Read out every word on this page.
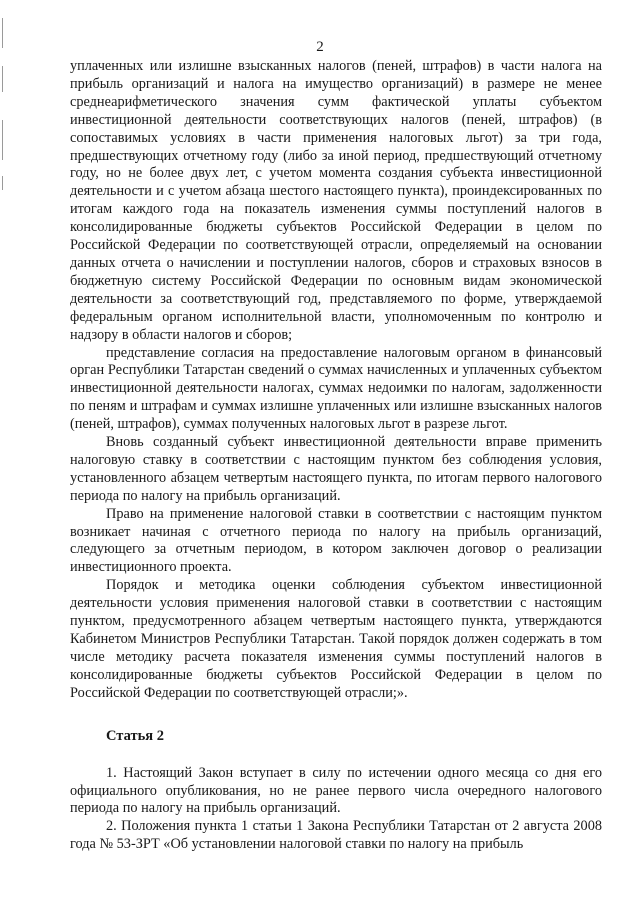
2

уплаченных или излишне взысканных налогов (пеней, штрафов) в части налога на прибыль организаций и налога на имущество организаций) в размере не менее среднеарифметического значения сумм фактической уплаты субъектом инвестиционной деятельности соответствующих налогов (пеней, штрафов) (в сопоставимых условиях в части применения налоговых льгот) за три года, предшествующих отчетному году (либо за иной период, предшествующий отчетному году, но не более двух лет, с учетом момента создания субъекта инвестиционной деятельности и с учетом абзаца шестого настоящего пункта), проиндексированных по итогам каждого года на показатель изменения суммы поступлений налогов в консолидированные бюджеты субъектов Российской Федерации в целом по Российской Федерации по соответствующей отрасли, определяемый на основании данных отчета о начислении и поступлении налогов, сборов и страховых взносов в бюджетную систему Российской Федерации по основным видам экономической деятельности за соответствующий год, представляемого по форме, утверждаемой федеральным органом исполнительной власти, уполномоченным по контролю и надзору в области налогов и сборов;

представление согласия на предоставление налоговым органом в финансовый орган Республики Татарстан сведений о суммах начисленных и уплаченных субъектом инвестиционной деятельности налогах, суммах недоимки по налогам, задолженности по пеням и штрафам и суммах излишне уплаченных или излишне взысканных налогов (пеней, штрафов), суммах полученных налоговых льгот в разрезе льгот.

Вновь созданный субъект инвестиционной деятельности вправе применить налоговую ставку в соответствии с настоящим пунктом без соблюдения условия, установленного абзацем четвертым настоящего пункта, по итогам первого налогового периода по налогу на прибыль организаций.

Право на применение налоговой ставки в соответствии с настоящим пунктом возникает начиная с отчетного периода по налогу на прибыль организаций, следующего за отчетным периодом, в котором заключен договор о реализации инвестиционного проекта.

Порядок и методика оценки соблюдения субъектом инвестиционной деятельности условия применения налоговой ставки в соответствии с настоящим пунктом, предусмотренного абзацем четвертым настоящего пункта, утверждаются Кабинетом Министров Республики Татарстан. Такой порядок должен содержать в том числе методику расчета показателя изменения суммы поступлений налогов в консолидированные бюджеты субъектов Российской Федерации в целом по Российской Федерации по соответствующей отрасли;».

Статья 2

1. Настоящий Закон вступает в силу по истечении одного месяца со дня его официального опубликования, но не ранее первого числа очередного налогового периода по налогу на прибыль организаций.

2. Положения пункта 1 статьи 1 Закона Республики Татарстан от 2 августа 2008 года № 53-ЗРТ «Об установлении налоговой ставки по налогу на прибыль
